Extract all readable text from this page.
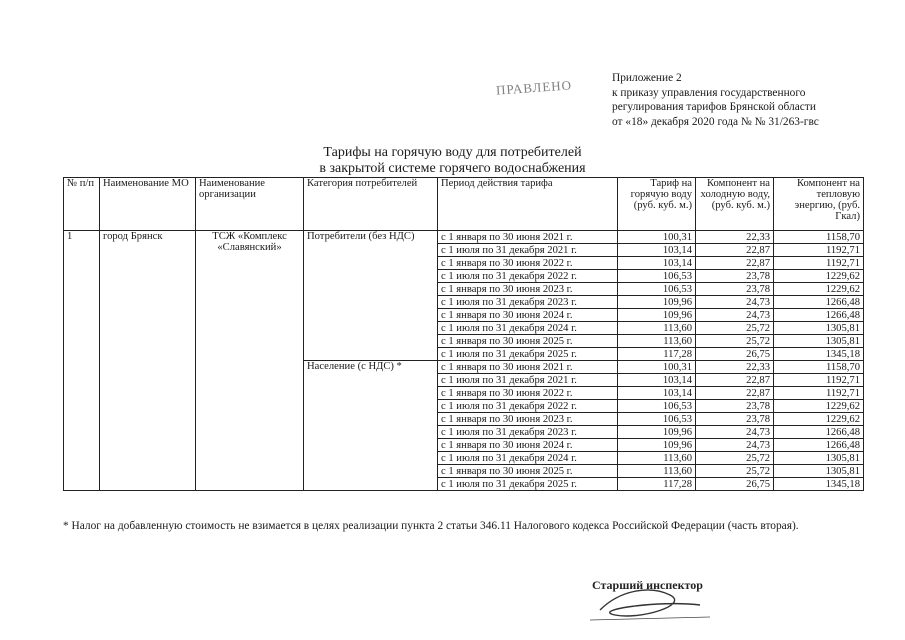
ПРАВЛЕНО	Приложение 2
к приказу управления государственного
регулирования тарифов Брянской области
от «18» декабря 2020 года № № 31/263-гвс
Тарифы на горячую воду для потребителей
в закрытой системе горячего водоснабжения
№ п/п	Наименование МО	Наименование организации	Категория потребителей	Период действия тарифа	Тариф на горячую воду (руб. куб. м.)	Компонент на холодную воду, (руб. куб. м.)	Компонент на тепловую энергию, (руб. Гкал)
1	город Брянск	ТСЖ «Комплекс «Славянский»	Потребители (без НДС)	с 1 января по 30 июня 2021 г.	100,31	22,33	1158,70
				с 1 июля по 31 декабря 2021 г.	103,14	22,87	1192,71
				с 1 января по 30 июня 2022 г.	103,14	22,87	1192,71
				с 1 июля по 31 декабря 2022 г.	106,53	23,78	1229,62
				с 1 января по 30 июня 2023 г.	106,53	23,78	1229,62
				с 1 июля по 31 декабря 2023 г.	109,96	24,73	1266,48
				с 1 января по 30 июня 2024 г.	109,96	24,73	1266,48
				с 1 июля по 31 декабря 2024 г.	113,60	25,72	1305,81
				с 1 января по 30 июня 2025 г.	113,60	25,72	1305,81
				с 1 июля по 31 декабря 2025 г.	117,28	26,75	1345,18
			Население (с НДС) *	с 1 января по 30 июня 2021 г.	100,31	22,33	1158,70
				с 1 июля по 31 декабря 2021 г.	103,14	22,87	1192,71
				с 1 января по 30 июня 2022 г.	103,14	22,87	1192,71
				с 1 июля по 31 декабря 2022 г.	106,53	23,78	1229,62
				с 1 января по 30 июня 2023 г.	106,53	23,78	1229,62
				с 1 июля по 31 декабря 2023 г.	109,96	24,73	1266,48
				с 1 января по 30 июня 2024 г.	109,96	24,73	1266,48
				с 1 июля по 31 декабря 2024 г.	113,60	25,72	1305,81
				с 1 января по 30 июня 2025 г.	113,60	25,72	1305,81
				с 1 июля по 31 декабря 2025 г.	117,28	26,75	1345,18
* Налог на добавленную стоимость не взимается в целях реализации пункта 2 статьи 346.11 Налогового кодекса Российской Федерации (часть вторая).
Старший инспектор
